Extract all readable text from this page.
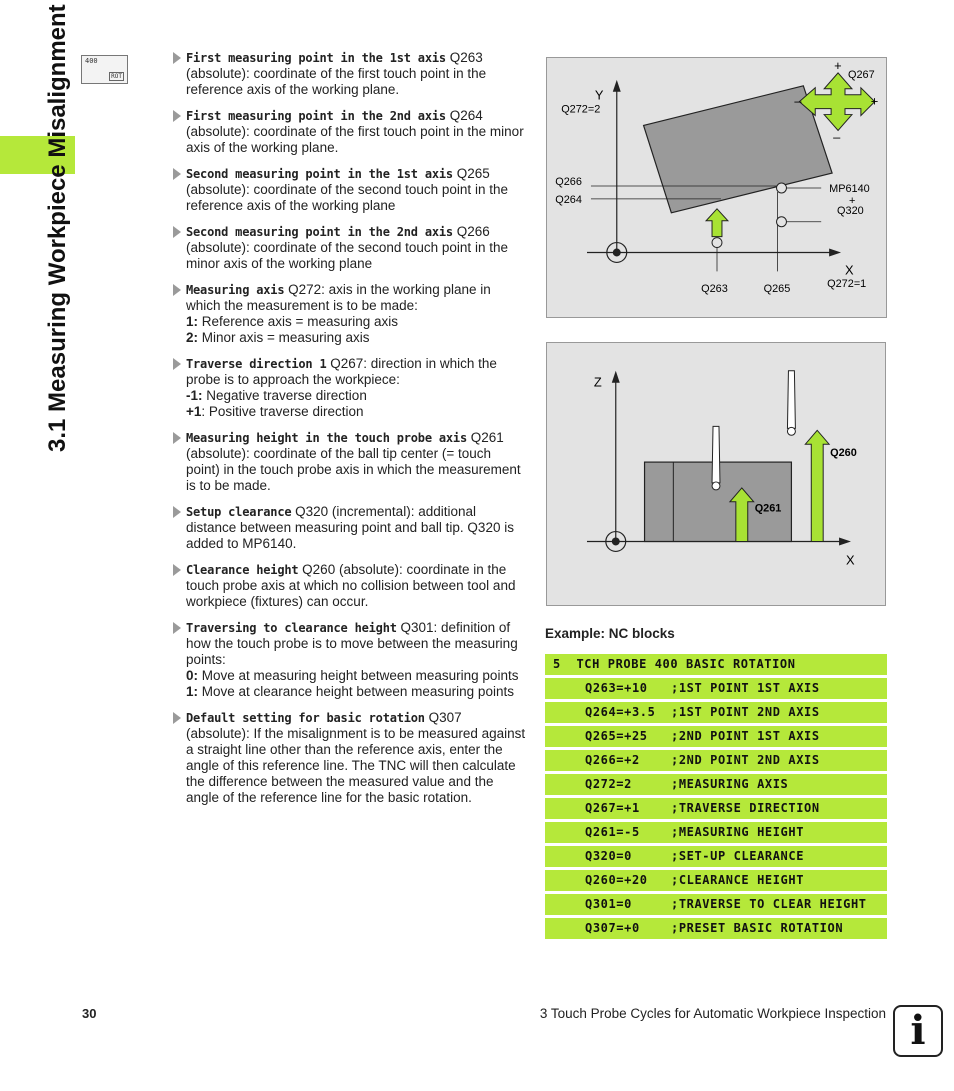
3.1 Measuring Workpiece Misalignment	400
ROT
First measuring point in the 1st axis Q263
(absolute): coordinate of the first touch point in the reference axis of the working plane.
First measuring point in the 2nd axis Q264
(absolute): coordinate of the first touch point in the minor axis of the working plane.
Second measuring point in the 1st axis Q265
(absolute): coordinate of the second touch point in the reference axis of the working plane
Second measuring point in the 2nd axis Q266
(absolute): coordinate of the second touch point in the minor axis of the working plane
Measuring axis Q272: axis in the working plane in which the measurement is to be made:
1: Reference axis = measuring axis
2: Minor axis = measuring axis
Traverse direction 1 Q267: direction in which the probe is to approach the workpiece:
-1: Negative traverse direction
+1: Positive traverse direction
Measuring height in the touch probe axis Q261
(absolute): coordinate of the ball tip center (= touch point) in the touch probe axis in which the measurement is to be made.
Setup clearance Q320 (incremental): additional distance between measuring point and ball tip. Q320 is added to MP6140.
Clearance height Q260 (absolute): coordinate in the touch probe axis at which no collision between tool and workpiece (fixtures) can occur.
Traversing to clearance height Q301: definition of how the touch probe is to move between the measuring points:
0: Move at measuring height between measuring points
1: Move at clearance height between measuring points
Default setting for basic rotation Q307
(absolute): If the misalignment is to be measured against a straight line other than the reference axis, enter the angle of this reference line. The TNC will then calculate the difference between the measured value and the angle of the reference line for the basic rotation.
Y
X
Q272=2
Q272=1
Q266
Q264
Q263	Q265
MP6140
+
Q320
+
+
–
–
Q267
Z
X
Q261
Q260
Example: NC blocks
5  TCH PROBE 400 BASIC ROTATION
Q263=+10 ;1ST POINT 1ST AXIS
Q264=+3.5 ;1ST POINT 2ND AXIS
Q265=+25 ;2ND POINT 1ST AXIS
Q266=+2	;2ND POINT 2ND AXIS
Q272=2	;MEASURING AXIS
Q267=+1	;TRAVERSE DIRECTION
Q261=-5	;MEASURING HEIGHT
Q320=0	;SET-UP CLEARANCE
Q260=+20 ;CLEARANCE HEIGHT
Q301=0	;TRAVERSE TO CLEAR HEIGHT
Q307=+0	;PRESET BASIC ROTATION
30	3 Touch Probe Cycles for Automatic Workpiece Inspection i
